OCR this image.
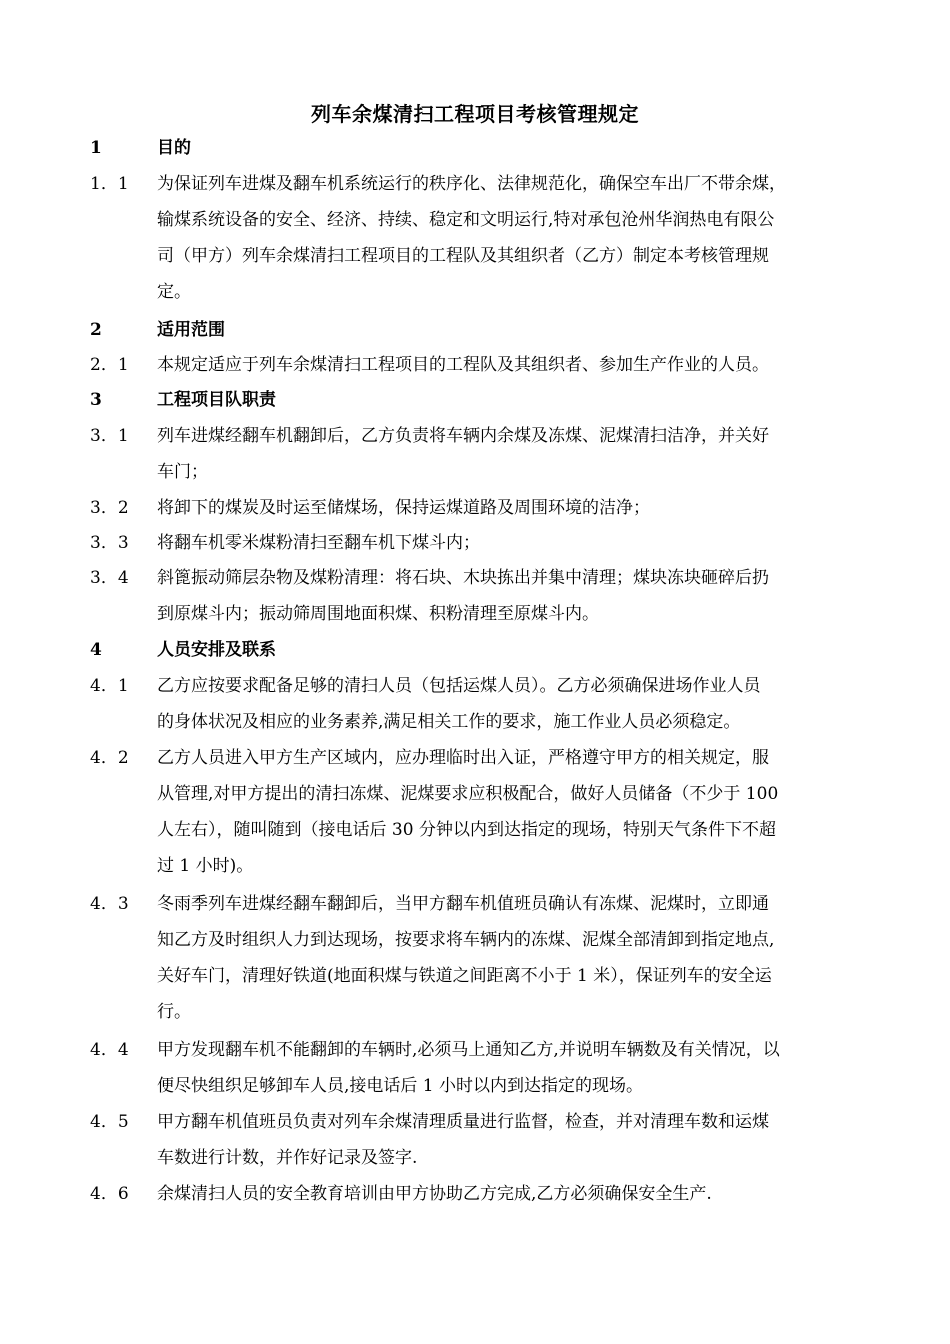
列车余煤清扫工程项目考核管理规定
1	目的
1．1	为保证列车进煤及翻车机系统运行的秩序化、法律规范化，确保空车出厂不带余煤，
输煤系统设备的安全、经济、持续、稳定和文明运行,特对承包沧州华润热电有限公
司（甲方）列车余煤清扫工程项目的工程队及其组织者（乙方）制定本考核管理规
定。
2	适用范围
2．1	本规定适应于列车余煤清扫工程项目的工程队及其组织者、参加生产作业的人员。
3	工程项目队职责
3．1	列车进煤经翻车机翻卸后，乙方负责将车辆内余煤及冻煤、泥煤清扫洁净，并关好
车门；
3．2	将卸下的煤炭及时运至储煤场，保持运煤道路及周围环境的洁净；
3．3	将翻车机零米煤粉清扫至翻车机下煤斗内；
3．4	斜篦振动筛层杂物及煤粉清理：将石块、木块拣出并集中清理；煤块冻块砸碎后扔
到原煤斗内；振动筛周围地面积煤、积粉清理至原煤斗内。
4	人员安排及联系
4．1	乙方应按要求配备足够的清扫人员（包括运煤人员）。乙方必须确保进场作业人员
的身体状况及相应的业务素养,满足相关工作的要求，施工作业人员必须稳定。
4．2	乙方人员进入甲方生产区域内，应办理临时出入证，严格遵守甲方的相关规定，服
从管理,对甲方提出的清扫冻煤、泥煤要求应积极配合，做好人员储备（不少于 100
人左右），随叫随到（接电话后 30 分钟以内到达指定的现场，特别天气条件下不超
过 1 小时)。
4．3	冬雨季列车进煤经翻车翻卸后，当甲方翻车机值班员确认有冻煤、泥煤时，立即通
知乙方及时组织人力到达现场，按要求将车辆内的冻煤、泥煤全部清卸到指定地点,
关好车门，清理好铁道(地面积煤与铁道之间距离不小于 1 米），保证列车的安全运
行。
4．4	甲方发现翻车机不能翻卸的车辆时,必须马上通知乙方,并说明车辆数及有关情况，以
便尽快组织足够卸车人员,接电话后 1 小时以内到达指定的现场。
4．5	甲方翻车机值班员负责对列车余煤清理质量进行监督，检查，并对清理车数和运煤
车数进行计数，并作好记录及签字.
4．6	余煤清扫人员的安全教育培训由甲方协助乙方完成,乙方必须确保安全生产.
